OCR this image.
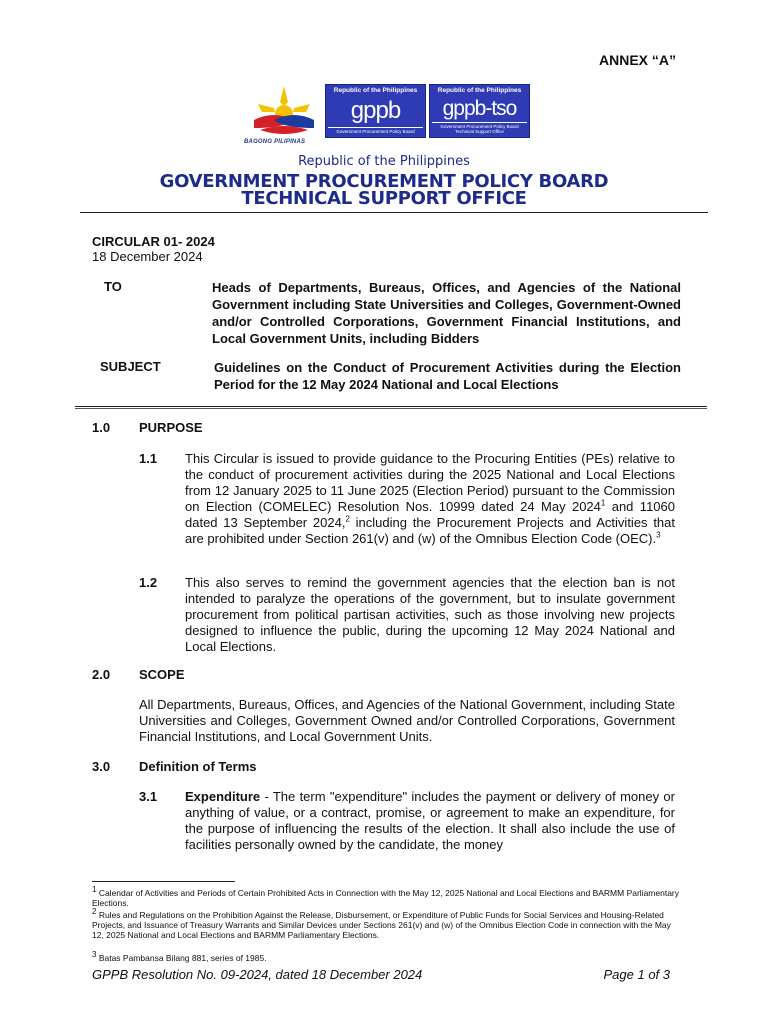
ANNEX “A”
BAGONG PILIPINAS
Republic of the Philippines
gppb
Government Procurement Policy Board
Republic of the Philippines
gppb-tso
Government Procurement Policy Board Technical Support Office
Republic of the Philippines
GOVERNMENT PROCUREMENT POLICY BOARD
TECHNICAL SUPPORT OFFICE
CIRCULAR 01- 2024
18 December 2024
TO	Heads of Departments, Bureaus, Offices, and Agencies of the National Government including State Universities and Colleges, Government-Owned and/or Controlled Corporations, Government Financial Institutions, and Local Government Units, including Bidders
SUBJECT	Guidelines on the Conduct of Procurement Activities during the Election Period for the 12 May 2024 National and Local Elections
1.0 PURPOSE
1.1 This Circular is issued to provide guidance to the Procuring Entities (PEs) relative to the conduct of procurement activities during the 2025 National and Local Elections from 12 January 2025 to 11 June 2025 (Election Period) pursuant to the Commission on Election (COMELEC) Resolution Nos. 10999 dated 24 May 2024$^1$ and 11060 dated 13 September 2024,$^2$ including the Procurement Projects and Activities that are prohibited under Section 261(v) and (w) of the Omnibus Election Code (OEC).$^3$
1.2 This also serves to remind the government agencies that the election ban is not intended to paralyze the operations of the government, but to insulate government procurement from political partisan activities, such as those involving new projects designed to influence the public, during the upcoming 12 May 2024 National and Local Elections.
2.0 SCOPE
All Departments, Bureaus, Offices, and Agencies of the National Government, including State Universities and Colleges, Government Owned and/or Controlled Corporations, Government Financial Institutions, and Local Government Units.
3.0 Definition of Terms
3.1 Expenditure - The term "expenditure" includes the payment or delivery of money or anything of value, or a contract, promise, or agreement to make an expenditure, for the purpose of influencing the results of the election. It shall also include the use of facilities personally owned by the candidate, the money
$^1$ Calendar of Activities and Periods of Certain Prohibited Acts in Connection with the May 12, 2025 National and Local Elections and BARMM Parliamentary Elections.
$^2$ Rules and Regulations on the Prohibition Against the Release, Disbursement, or Expenditure of Public Funds for Social Services and Housing-Related Projects, and Issuance of Treasury Warrants and Similar Devices under Sections 261(v) and (w) of the Omnibus Election Code in connection with the May 12, 2025 National and Local Elections and BARMM Parliamentary Elections.
$^3$ Batas Pambansa Bilang 881, series of 1985.
GPPB Resolution No. 09-2024, dated 18 December 2024	Page 1 of 3
